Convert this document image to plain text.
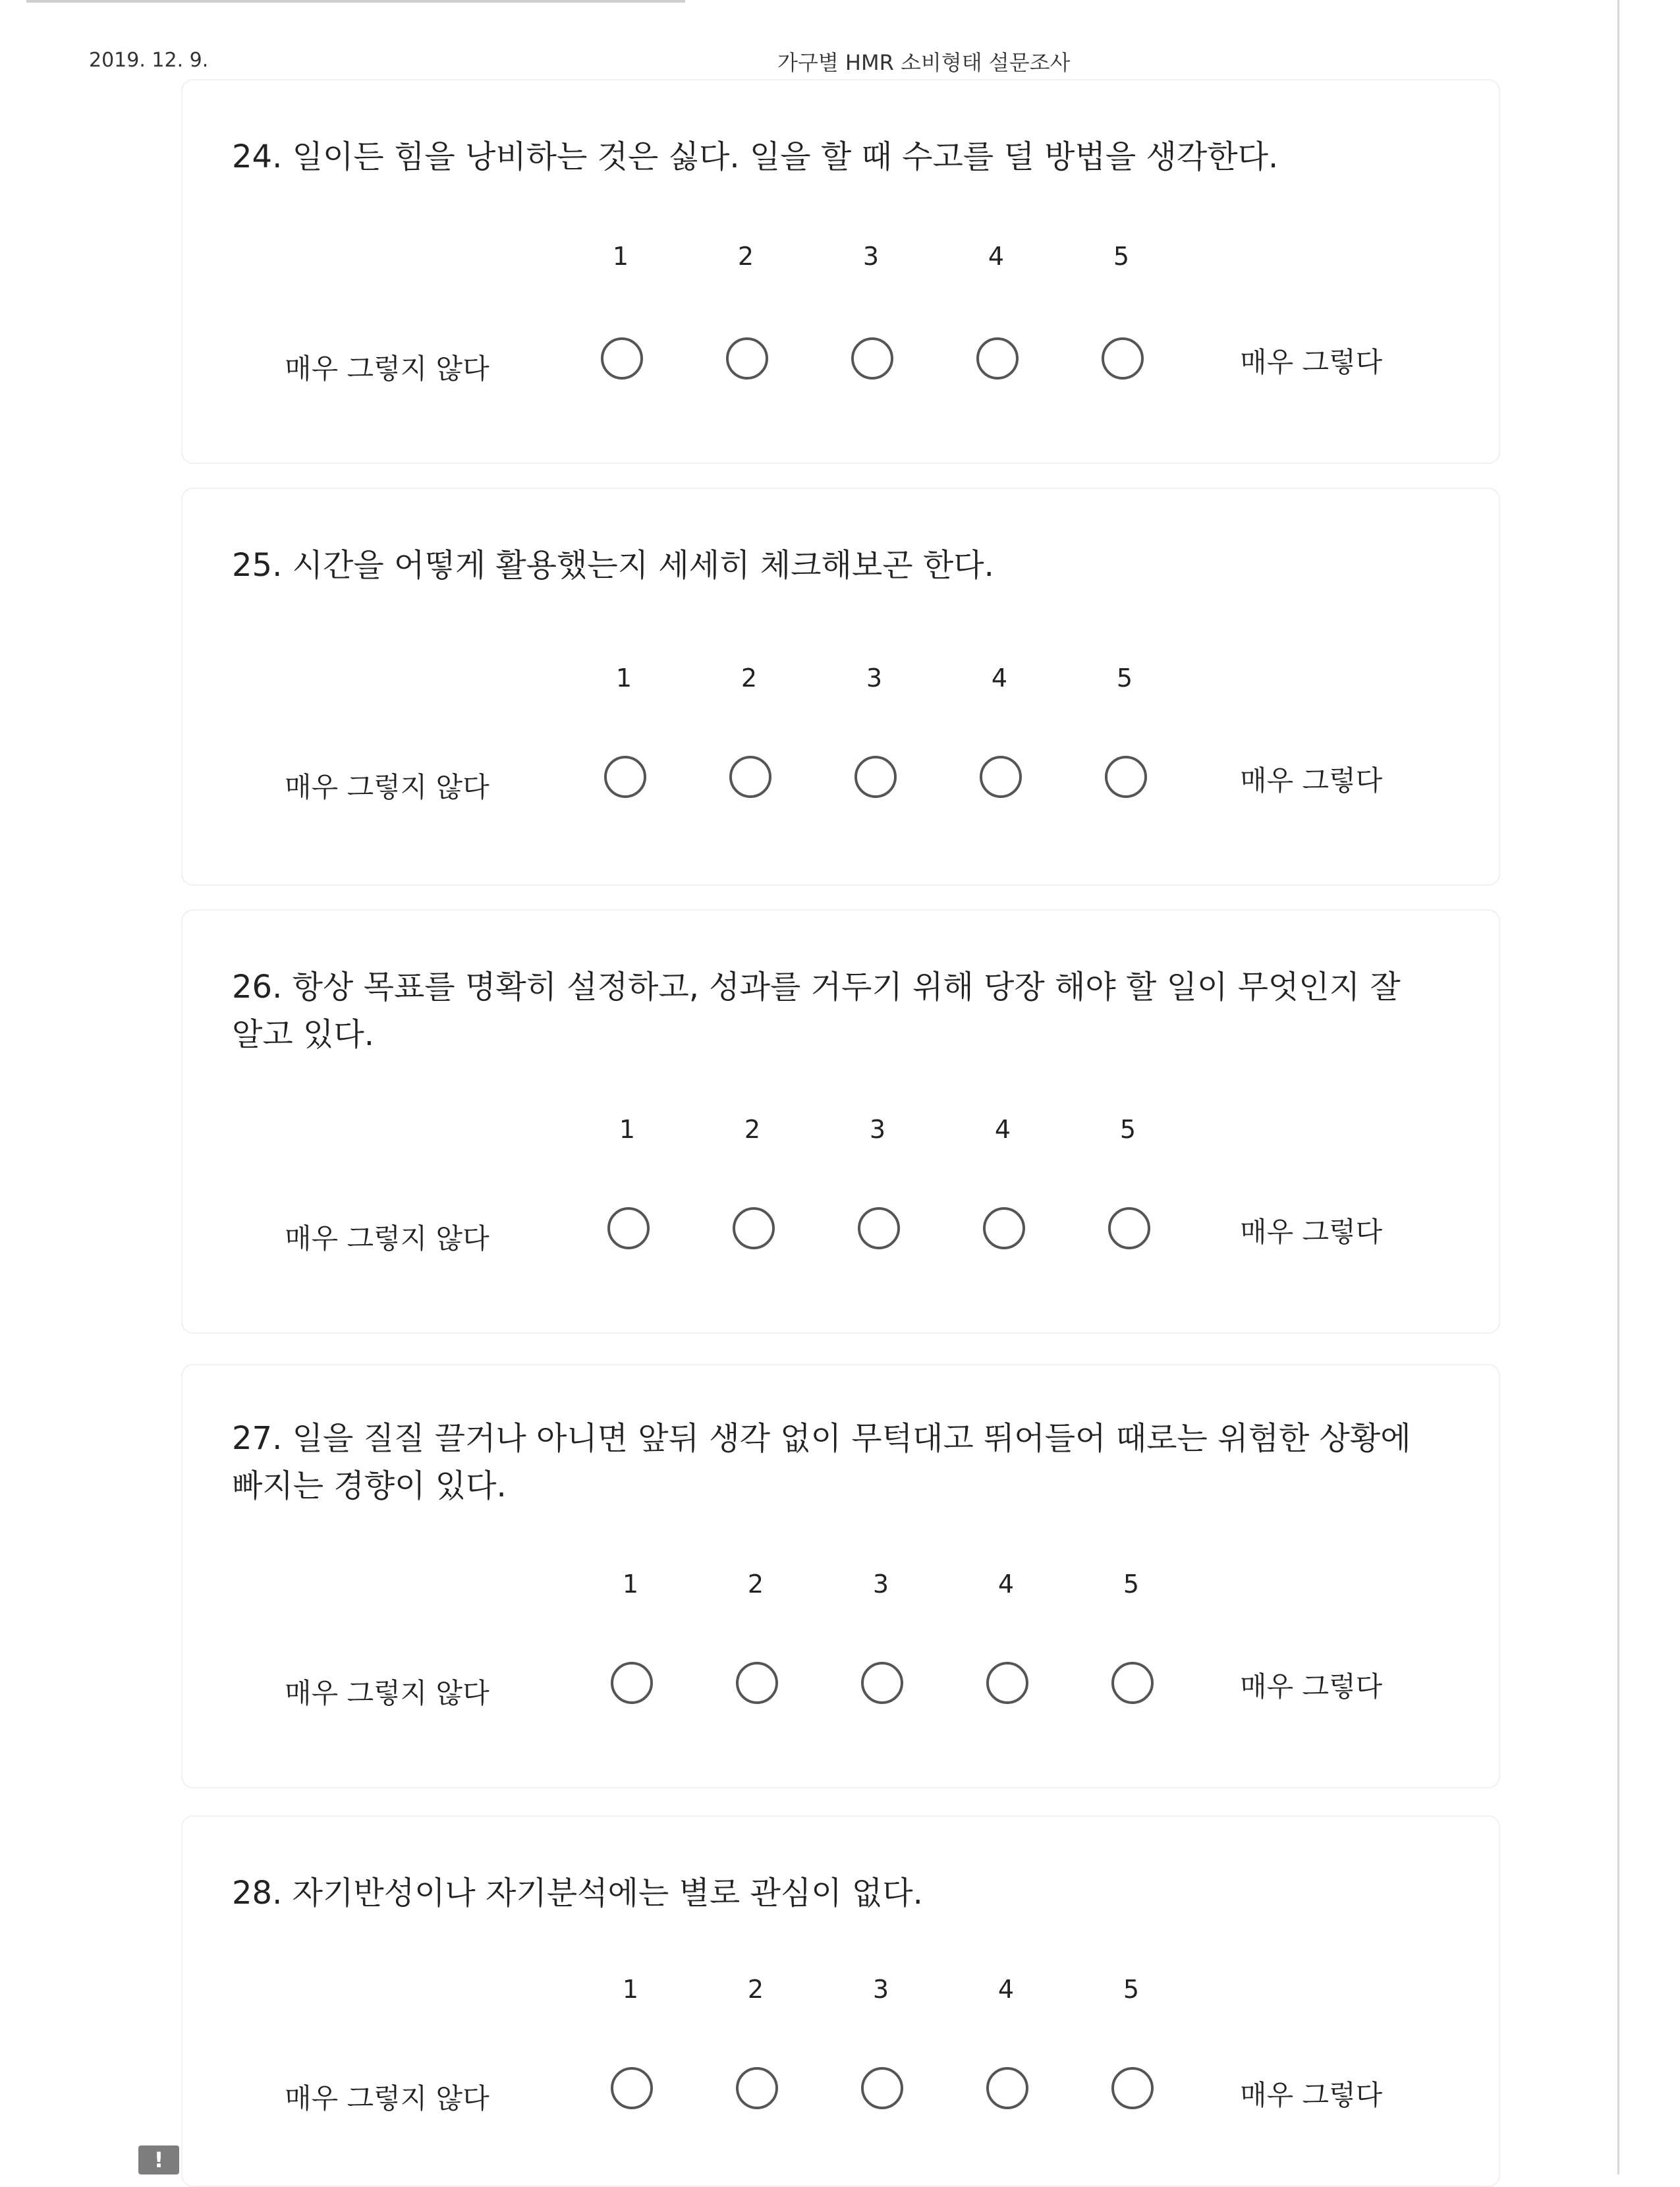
2019. 12. 9.	가구별 HMR 소비형태 설문조사
24. 일이든 힘을 낭비하는 것은 싫다. 일을 할 때 수고를 덜 방법을 생각한다.
1	2	3	4	5
매우 그렇지 않다	매우 그렇다
25. 시간을 어떻게 활용했는지 세세히 체크해보곤 한다.
1	2	3	4	5
매우 그렇지 않다	매우 그렇다
26. 항상 목표를 명확히 설정하고, 성과를 거두기 위해 당장 해야 할 일이 무엇인지 잘 알고 있다.
1	2	3	4	5
매우 그렇지 않다	매우 그렇다
27. 일을 질질 끌거나 아니면 앞뒤 생각 없이 무턱대고 뛰어들어 때로는 위험한 상황에 빠지는 경향이 있다.
1	2	3	4	5
매우 그렇지 않다	매우 그렇다
28. 자기반성이나 자기분석에는 별로 관심이 없다.
1	2	3	4	5
매우 그렇지 않다	매우 그렇다
!
